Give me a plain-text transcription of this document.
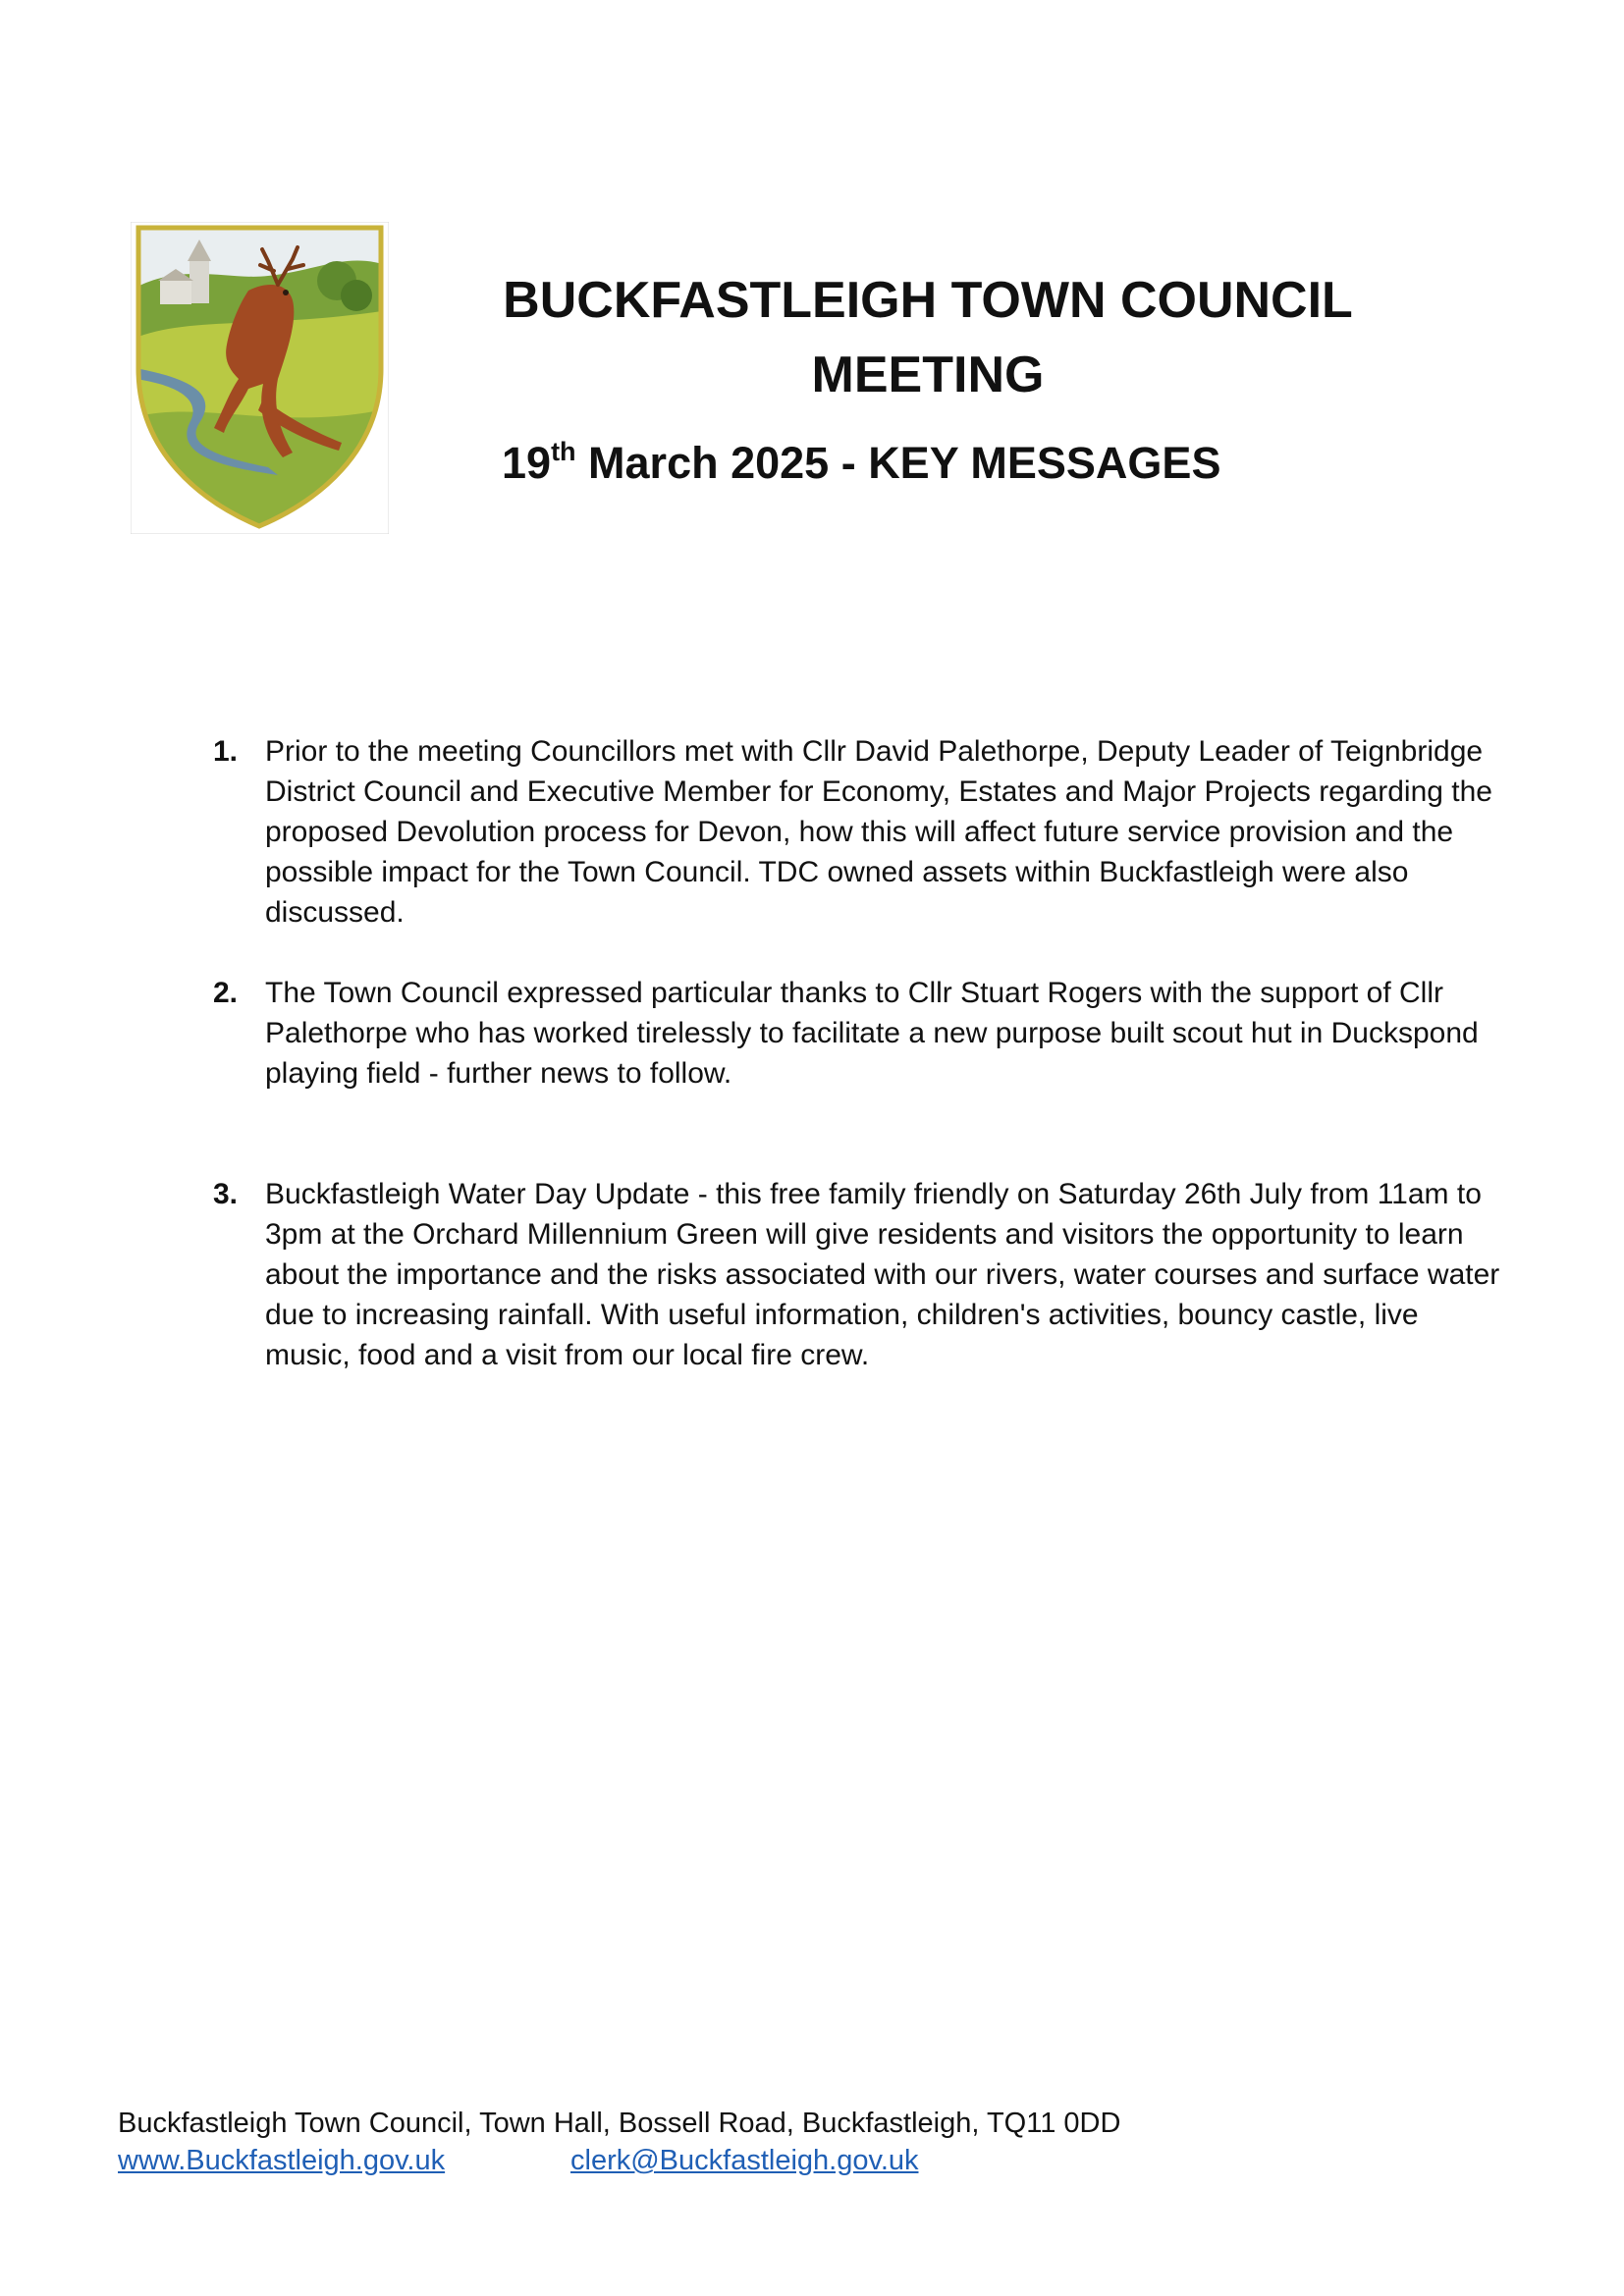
BUCKFASTLEIGH TOWN COUNCIL
MEETING
19th March 2025 - KEY MESSAGES
1. Prior to the meeting Councillors met with Cllr David Palethorpe, Deputy Leader of Teignbridge District Council and Executive Member for Economy, Estates and Major Projects regarding the proposed Devolution process for Devon, how this will affect future service provision and the possible impact for the Town Council. TDC owned assets within Buckfastleigh were also discussed.
2. The Town Council expressed particular thanks to Cllr Stuart Rogers with the support of Cllr Palethorpe who has worked tirelessly to facilitate a new purpose built scout hut in Duckspond playing field - further news to follow.
3. Buckfastleigh Water Day Update - this free family friendly on Saturday 26th July from 11am to 3pm at the Orchard Millennium Green will give residents and visitors the opportunity to learn about the importance and the risks associated with our rivers, water courses and surface water due to increasing rainfall. With useful information, children's activities, bouncy castle, live music, food and a visit from our local fire crew.
Buckfastleigh Town Council, Town Hall, Bossell Road, Buckfastleigh, TQ11 0DD
www.Buckfastleigh.gov.uk	clerk@Buckfastleigh.gov.uk
